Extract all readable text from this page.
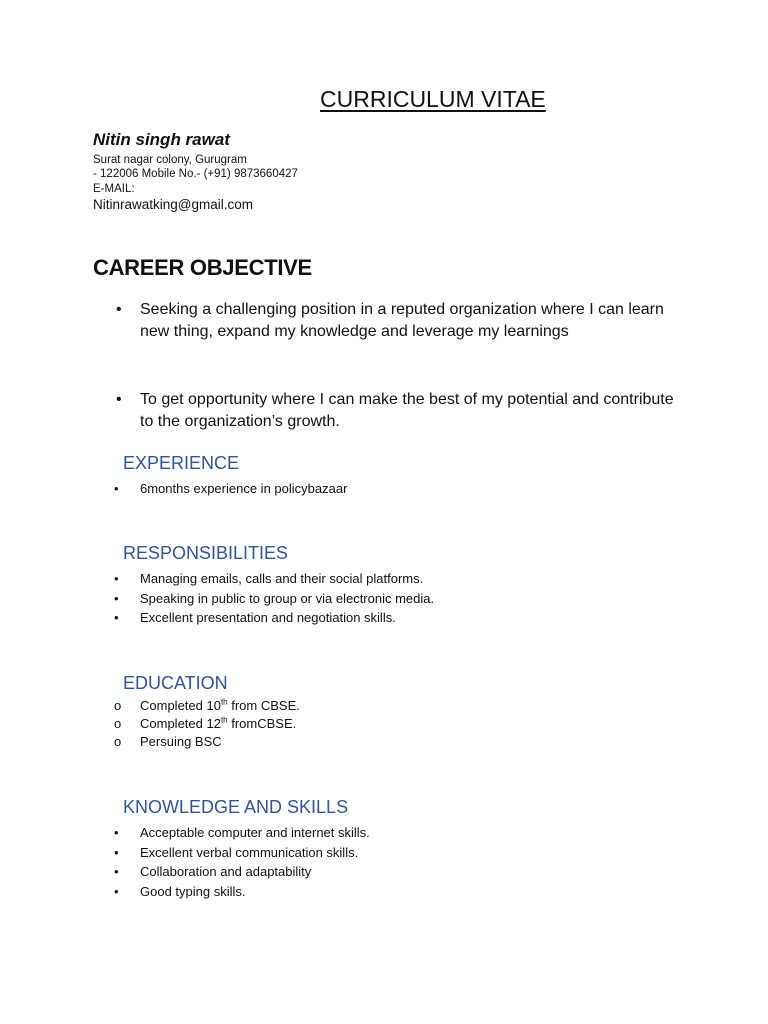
CURRICULUM VITAE
Nitin singh rawat
Surat nagar colony, Gurugram
- 122006 Mobile No.- (+91) 9873660427
E-MAIL:
Nitinrawatking@gmail.com
CAREER OBJECTIVE
• Seeking a challenging position in a reputed organization where I can learn new thing, expand my knowledge and leverage my learnings
• To get opportunity where I can make the best of my potential and contribute to the organization’s growth.
EXPERIENCE
• 6months experience in policybazaar
RESPONSIBILITIES
• Managing emails, calls and their social platforms.
• Speaking in public to group or via electronic media.
• Excellent presentation and negotiation skills.
EDUCATION
o Completed 10th from CBSE.
o Completed 12th fromCBSE.
o Persuing BSC
KNOWLEDGE AND SKILLS
• Acceptable computer and internet skills.
• Excellent verbal communication skills.
• Collaboration and adaptability
• Good typing skills.
